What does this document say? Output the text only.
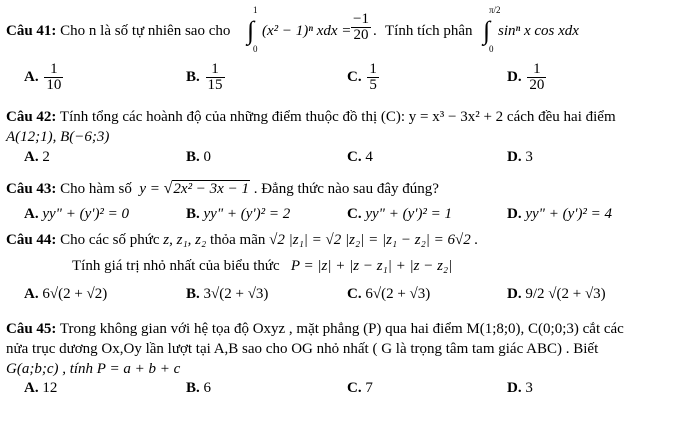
Câu 41: Cho n là số tự nhiên sao cho ∫
1
0
(x² − 1)ⁿ xdx = $\frac{-1}{20}$ . Tính tích phân ∫
π/2
0
sinⁿ x cos xdx
A. $\frac{1}{10}$	B. $\frac{1}{15}$	C. $\frac{1}{5}$	D. $\frac{1}{20}$
Câu 42: Tính tổng các hoành độ của những điểm thuộc đồ thị (C): y = x³ − 3x² + 2 cách đều hai điểm
A(12;1), B(−6;3)
A. 2	B. 0	C. 4	D. 3
Câu 43: Cho hàm số y = √2x² − 3x − 1 . Đẳng thức nào sau đây đúng?
A. yy" + (y')² = 0	B. yy" + (y')² = 2	C. yy" + (y')² = 1	D. yy" + (y')² = 4
Câu 44: Cho các số phức z, z₁, z₂ thỏa mãn √2 |z₁| = √2 |z₂| = |z₁ − z₂| = 6√2 .
Tính giá trị nhỏ nhất của biểu thức P = |z| + |z − z₁| + |z − z₂|
A. 6√(2 + √2)	B. 3√(2 + √3)	C. 6√(2 + √3)	D. 9/2 √(2 + √3)
Câu 45: Trong không gian với hệ tọa độ Oxyz , mặt phẳng (P) qua hai điểm M(1;8;0), C(0;0;3) cắt các
nửa trục dương Ox,Oy lần lượt tại A,B sao cho OG nhỏ nhất ( G là trọng tâm tam giác ABC) . Biết
G(a;b;c) , tính P = a + b + c
A. 12	B. 6	C. 7	D. 3
